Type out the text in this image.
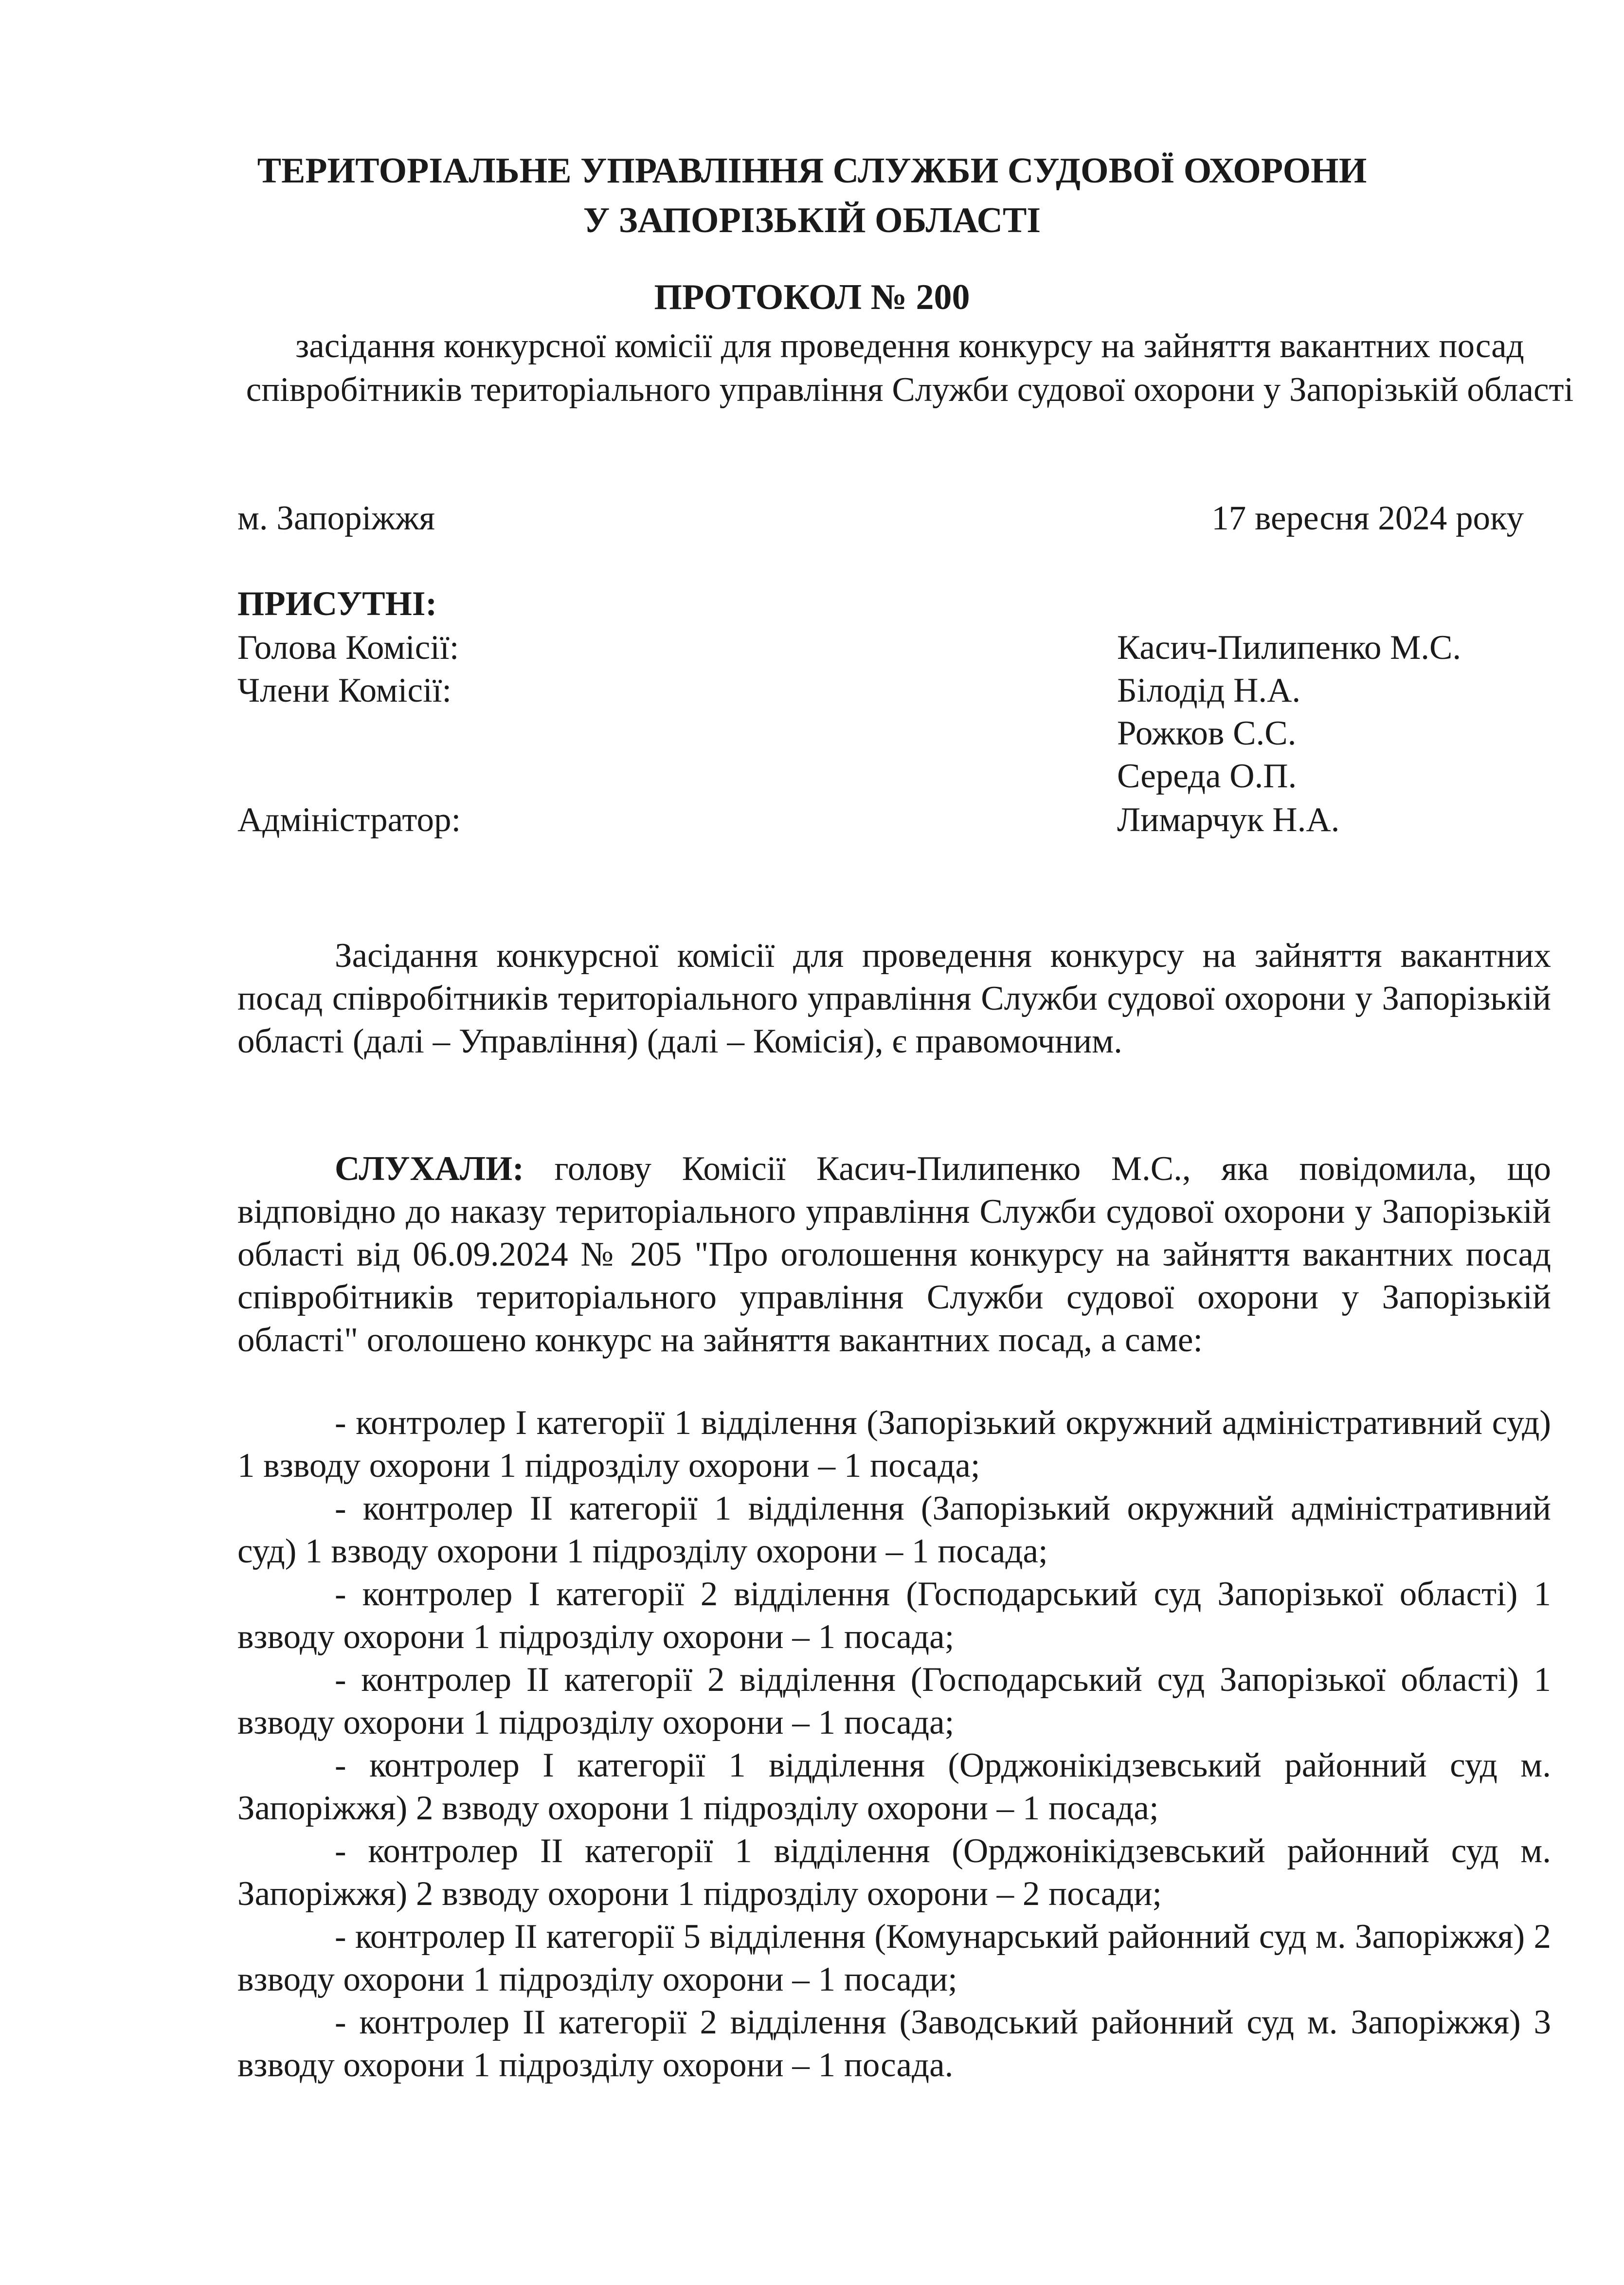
ТЕРИТОРІАЛЬНЕ УПРАВЛІННЯ СЛУЖБИ СУДОВОЇ ОХОРОНИ
У ЗАПОРІЗЬКІЙ ОБЛАСТІ
ПРОТОКОЛ № 200
засідання конкурсної комісії для проведення конкурсу на зайняття вакантних посад співробітників територіального управління Служби судової охорони у Запорізькій області
м. Запоріжжя	17 вересня 2024 року
ПРИСУТНІ:
Голова Комісії:	Касич-Пилипенко М.С.
Члени Комісії:	Білодід Н.А.
Рожков С.С.
Середа О.П.
Адміністратор:	Лимарчук Н.А.
Засідання конкурсної комісії для проведення конкурсу на зайняття вакантних посад співробітників територіального управління Служби судової охорони у Запорізькій області (далі – Управління) (далі – Комісія), є правомочним.
СЛУХАЛИ: голову Комісії Касич-Пилипенко М.С., яка повідомила, що відповідно до наказу територіального управління Служби судової охорони у Запорізькій області від 06.09.2024 № 205 "Про оголошення конкурсу на зайняття вакантних посад співробітників територіального управління Служби судової охорони у Запорізькій області" оголошено конкурс на зайняття вакантних посад, а саме:
- контролер І категорії 1 відділення (Запорізький окружний адміністративний суд) 1 взводу охорони 1 підрозділу охорони – 1 посада;
- контролер ІІ категорії 1 відділення (Запорізький окружний адміністративний суд) 1 взводу охорони 1 підрозділу охорони – 1 посада;
- контролер І категорії 2 відділення (Господарський суд Запорізької області) 1 взводу охорони 1 підрозділу охорони – 1 посада;
- контролер ІІ категорії 2 відділення (Господарський суд Запорізької області) 1 взводу охорони 1 підрозділу охорони – 1 посада;
- контролер І категорії 1 відділення (Орджонікідзевський районний суд м. Запоріжжя) 2 взводу охорони 1 підрозділу охорони – 1 посада;
- контролер ІІ категорії 1 відділення (Орджонікідзевський районний суд м. Запоріжжя) 2 взводу охорони 1 підрозділу охорони – 2 посади;
- контролер ІІ категорії 5 відділення (Комунарський районний суд м. Запоріжжя) 2 взводу охорони 1 підрозділу охорони – 1 посади;
- контролер ІІ категорії 2 відділення (Заводський районний суд м. Запоріжжя) 3 взводу охорони 1 підрозділу охорони – 1 посада.
